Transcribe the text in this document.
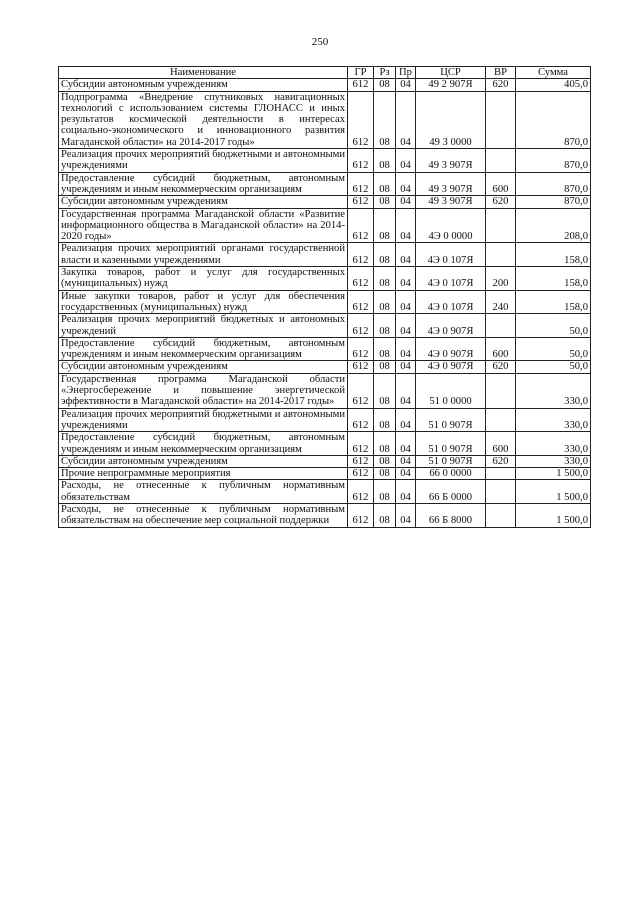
250
Наименование	ГР	Рз	Пр	ЦСР	ВР	Сумма
Субсидии автономным учреждениям	612	08	04	49 2 907Я	620	405,0
Подпрограмма «Внедрение спутниковых навигационных технологий с использованием системы ГЛОНАСС и иных результатов космической деятельности в интересах социально-экономического и инновационного развития Магаданской области» на 2014-2017 годы»	612	08	04	49 3 0000		870,0
Реализация прочих мероприятий бюджетными и автономными учреждениями	612	08	04	49 3 907Я		870,0
Предоставление субсидий бюджетным, автономным учреждениям и иным некоммерческим организациям	612	08	04	49 3 907Я	600	870,0
Субсидии автономным учреждениям	612	08	04	49 3 907Я	620	870,0
Государственная программа Магаданской области «Развитие информационного общества в Магаданской области» на 2014-2020 годы»	612	08	04	4Э 0 0000		208,0
Реализация прочих мероприятий органами государственной власти и казенными учреждениями	612	08	04	4Э 0 107Я		158,0
Закупка товаров, работ и услуг для государственных (муниципальных) нужд	612	08	04	4Э 0 107Я	200	158,0
Иные закупки товаров, работ и услуг для обеспечения государственных (муниципальных) нужд	612	08	04	4Э 0 107Я	240	158,0
Реализация прочих мероприятий бюджетных и автономных учреждений	612	08	04	4Э 0 907Я		50,0
Предоставление субсидий бюджетным, автономным учреждениям и иным некоммерческим организациям	612	08	04	4Э 0 907Я	600	50,0
Субсидии автономным учреждениям	612	08	04	4Э 0 907Я	620	50,0
Государственная программа Магаданской области «Энергосбережение и повышение энергетической эффективности в Магаданской области» на 2014-2017 годы»	612	08	04	51 0 0000		330,0
Реализация прочих мероприятий бюджетными и автономными учреждениями	612	08	04	51 0 907Я		330,0
Предоставление субсидий бюджетным, автономным учреждениям и иным некоммерческим организациям	612	08	04	51 0 907Я	600	330,0
Субсидии автономным учреждениям	612	08	04	51 0 907Я	620	330,0
Прочие непрограммные мероприятия	612	08	04	66 0 0000		1 500,0
Расходы, не отнесенные к публичным нормативным обязательствам	612	08	04	66 Б 0000		1 500,0
Расходы, не отнесенные к публичным нормативным обязательствам на обеспечение мер социальной поддержки	612	08	04	66 Б 8000		1 500,0
